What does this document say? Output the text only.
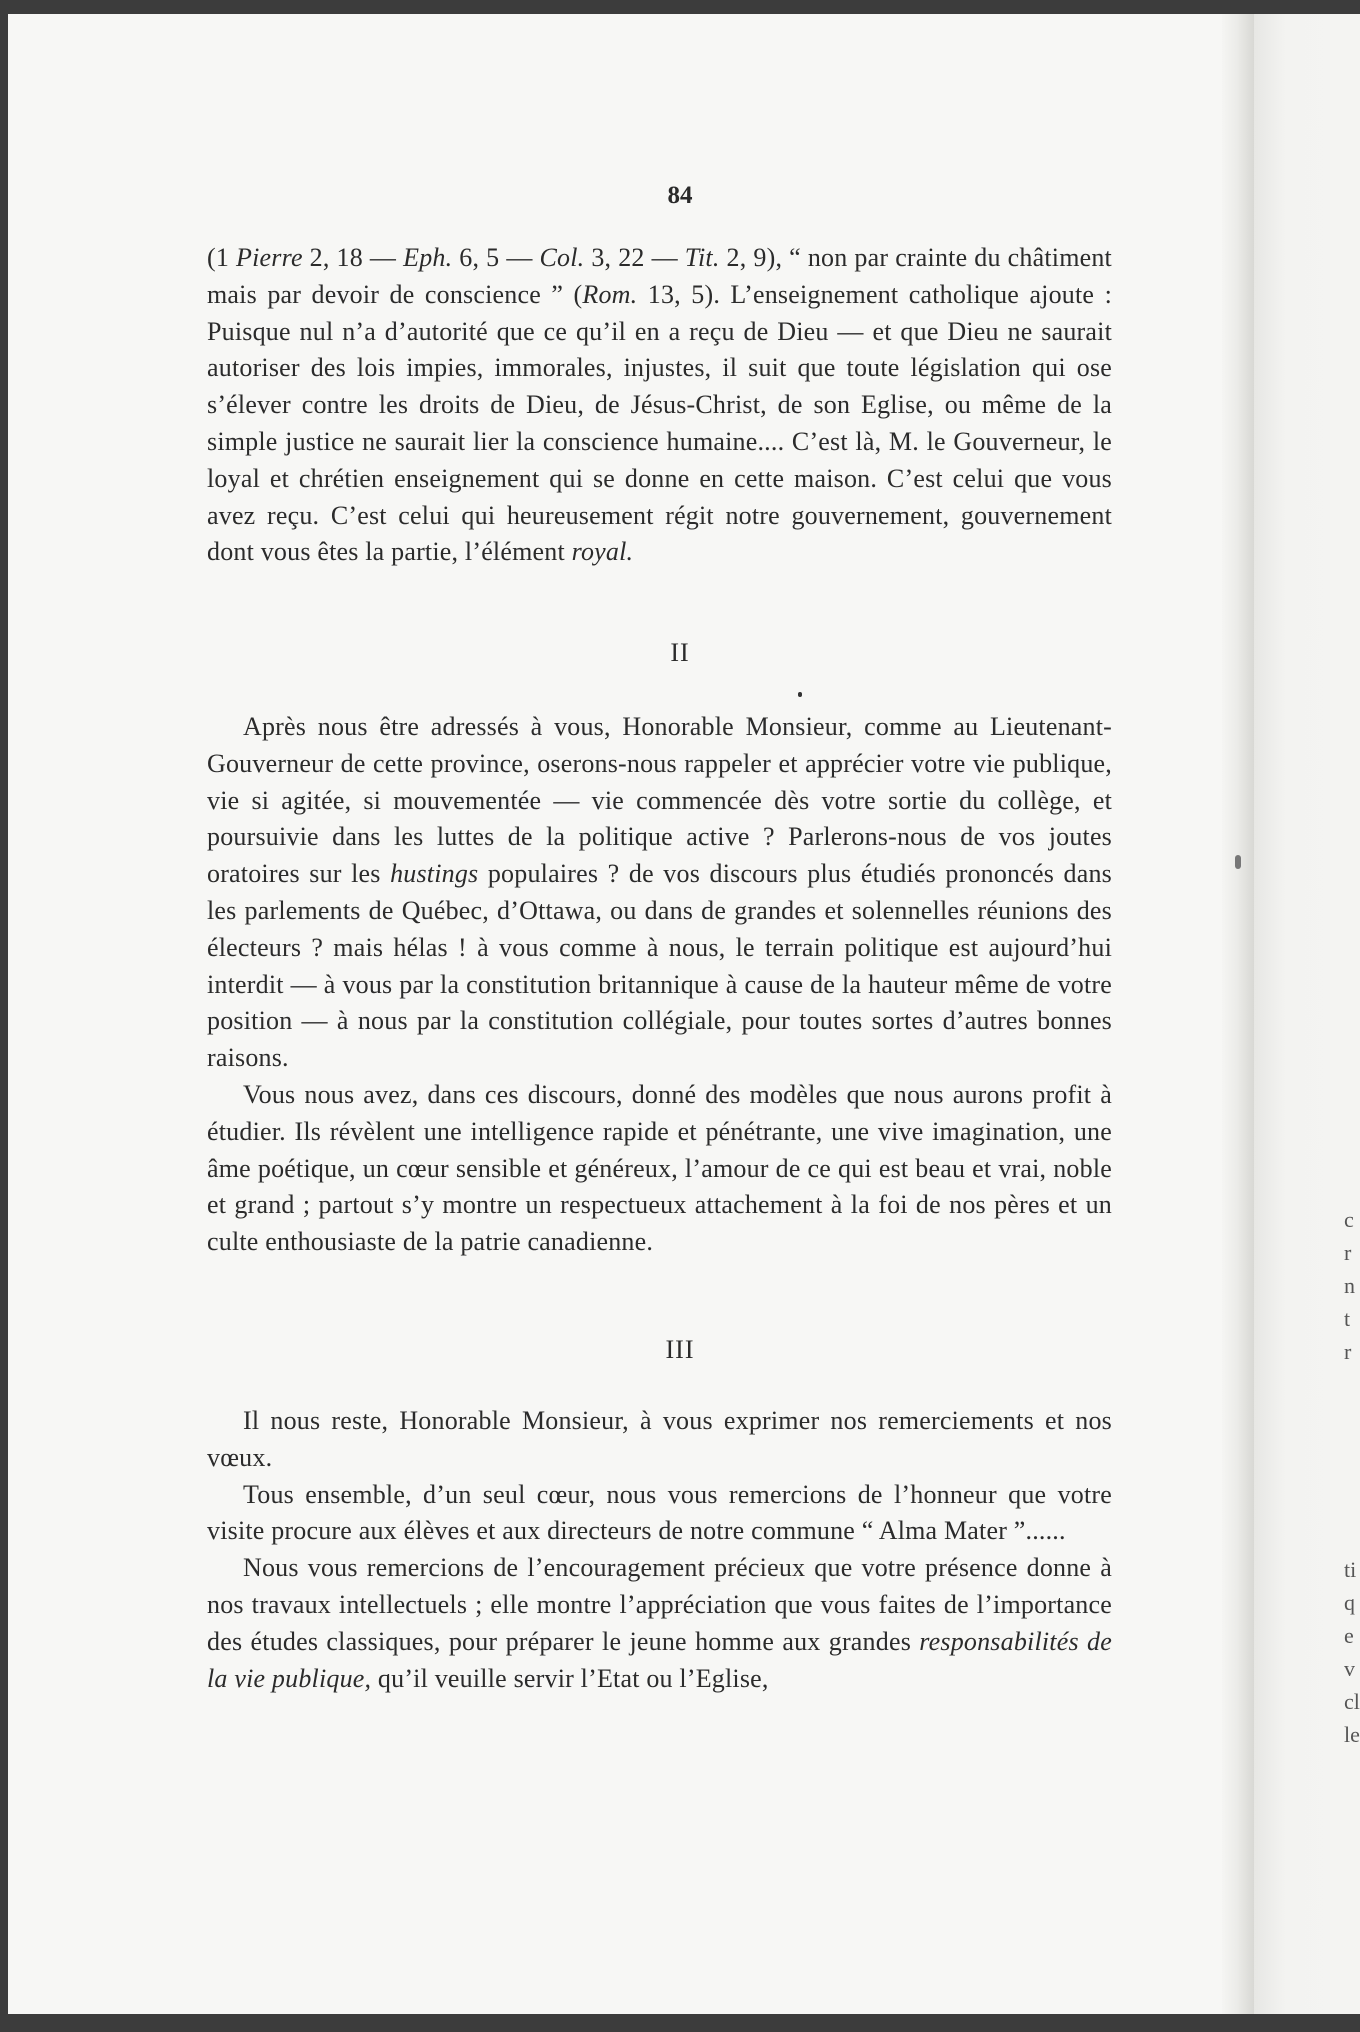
c
r
n
t
r
ti
q
e
v
cl
le
84

(1 Pierre 2, 18 — Eph. 6, 5 — Col. 3, 22 — Tit. 2, 9), “ non par crainte du châtiment mais par devoir de conscience ” (Rom. 13, 5). L’enseignement catholique ajoute : Puisque nul n’a d’autorité que ce qu’il en a reçu de Dieu — et que Dieu ne saurait autoriser des lois impies, immorales, injustes, il suit que toute législation qui ose s’élever contre les droits de Dieu, de Jésus-Christ, de son Eglise, ou même de la simple justice ne saurait lier la conscience humaine.... C’est là, M. le Gouverneur, le loyal et chrétien enseignement qui se donne en cette maison. C’est celui que vous avez reçu. C’est celui qui heureusement régit notre gouvernement, gouvernement dont vous êtes la partie, l’élément royal.

II

Après nous être adressés à vous, Honorable Monsieur, comme au Lieutenant-Gouverneur de cette province, oserons-nous rappeler et apprécier votre vie publique, vie si agitée, si mouvementée — vie commencée dès votre sortie du collège, et poursuivie dans les luttes de la politique active ? Parlerons-nous de vos joutes oratoires sur les hustings populaires ? de vos discours plus étudiés prononcés dans les parlements de Québec, d’Ottawa, ou dans de grandes et solennelles réunions des électeurs ? mais hélas ! à vous comme à nous, le terrain politique est aujourd’hui interdit — à vous par la constitution britannique à cause de la hauteur même de votre position — à nous par la constitution collégiale, pour toutes sortes d’autres bonnes raisons.

Vous nous avez, dans ces discours, donné des modèles que nous aurons profit à étudier. Ils révèlent une intelligence rapide et pénétrante, une vive imagination, une âme poétique, un cœur sensible et généreux, l’amour de ce qui est beau et vrai, noble et grand ; partout s’y montre un respectueux attachement à la foi de nos pères et un culte enthousiaste de la patrie canadienne.

III

Il nous reste, Honorable Monsieur, à vous exprimer nos remerciements et nos vœux.

Tous ensemble, d’un seul cœur, nous vous remercions de l’honneur que votre visite procure aux élèves et aux directeurs de notre commune “ Alma Mater ”......

Nous vous remercions de l’encouragement précieux que votre présence donne à nos travaux intellectuels ; elle montre l’appréciation que vous faites de l’importance des études classiques, pour préparer le jeune homme aux grandes responsabilités de la vie publique, qu’il veuille servir l’Etat ou l’Eglise,
